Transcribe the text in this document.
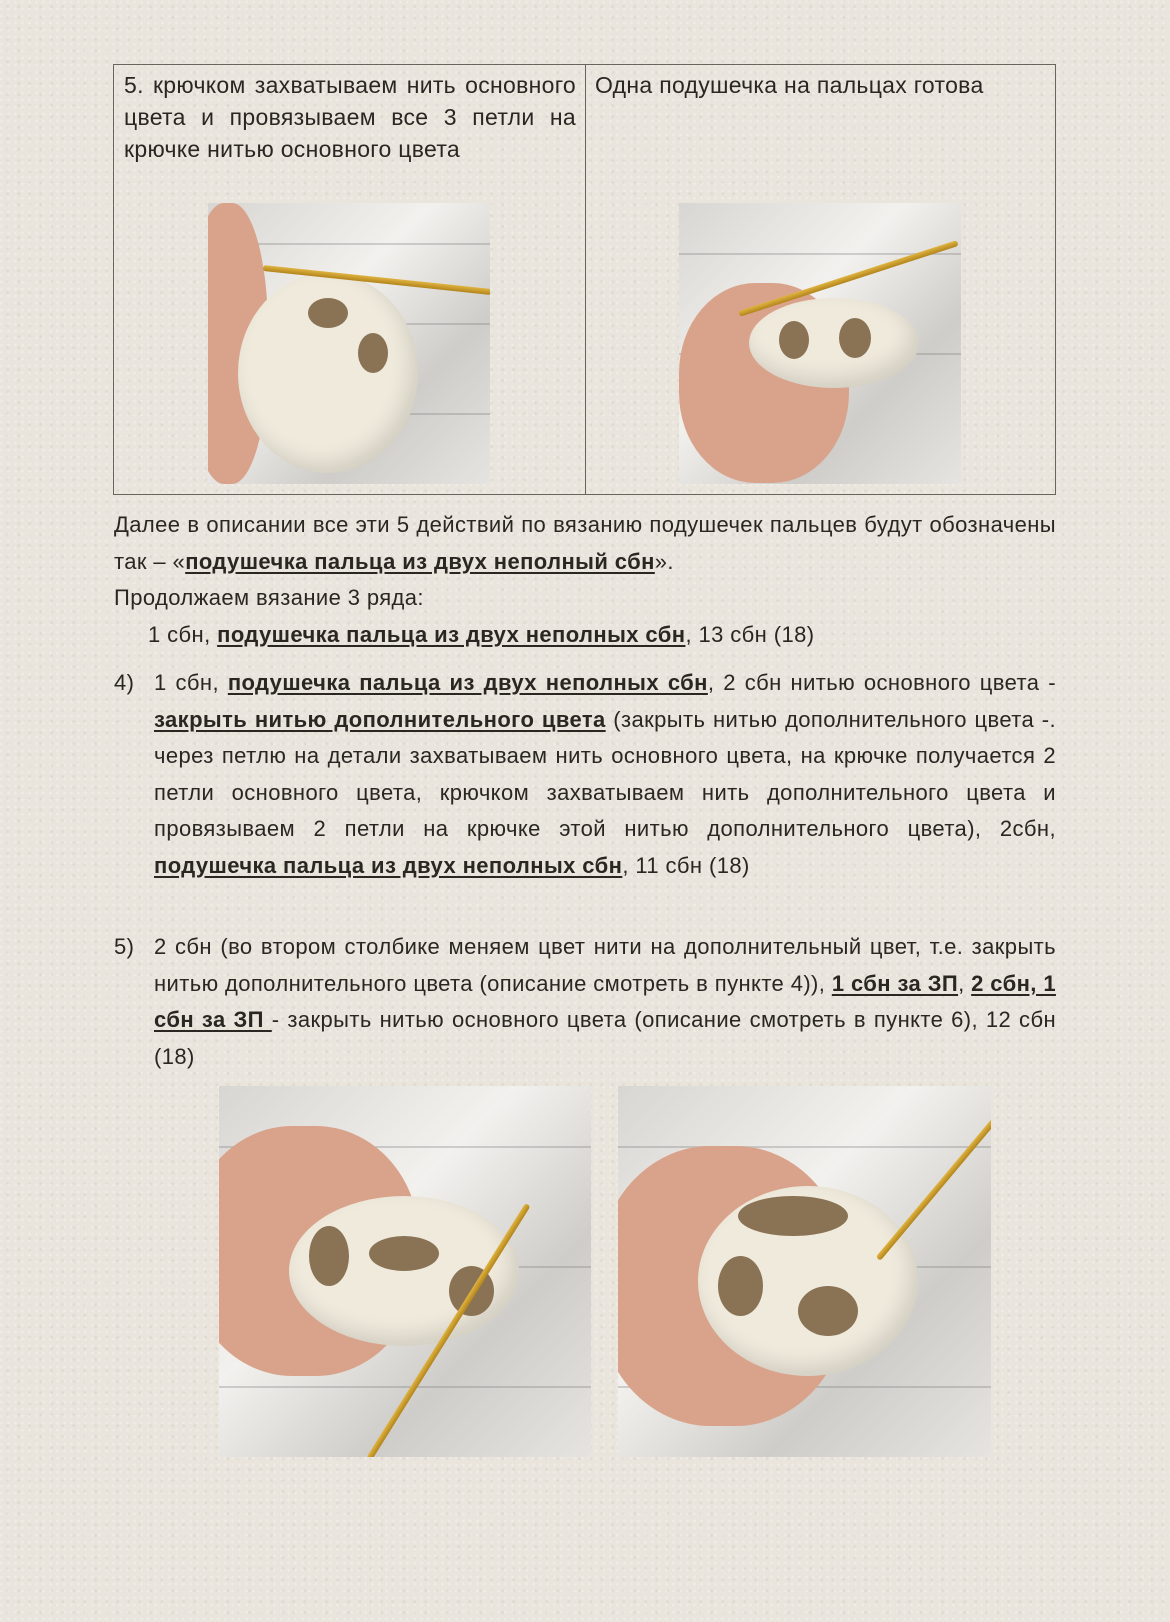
5. крючком захватываем нить основного цвета и провязываем все 3 петли на крючке нитью основного цвета
Одна подушечка на пальцах готова

Далее в описании все эти 5 действий по вязанию подушечек пальцев будут обозначены так – «подушечка пальца из двух неполный сбн».

Продолжаем вязание 3 ряда:

1 сбн, подушечка пальца из двух неполных сбн, 13 сбн (18)

4) 1 сбн, подушечка пальца из двух неполных сбн, 2 сбн нитью основного цвета - закрыть нитью дополнительного цвета (закрыть нитью дополнительного цвета -. через петлю на детали захватываем нить основного цвета, на крючке получается 2 петли основного цвета, крючком захватываем нить дополнительного цвета и провязываем 2 петли на крючке этой нитью дополнительного цвета), 2сбн, подушечка пальца из двух неполных сбн, 11 сбн (18)

5) 2 сбн (во втором столбике меняем цвет нити на дополнительный цвет, т.е. закрыть нитью дополнительного цвета (описание смотреть в пункте 4)), 1 сбн за ЗП, 2 сбн, 1 сбн за ЗП - закрыть нитью основного цвета (описание смотреть в пункте 6), 12 сбн (18)
